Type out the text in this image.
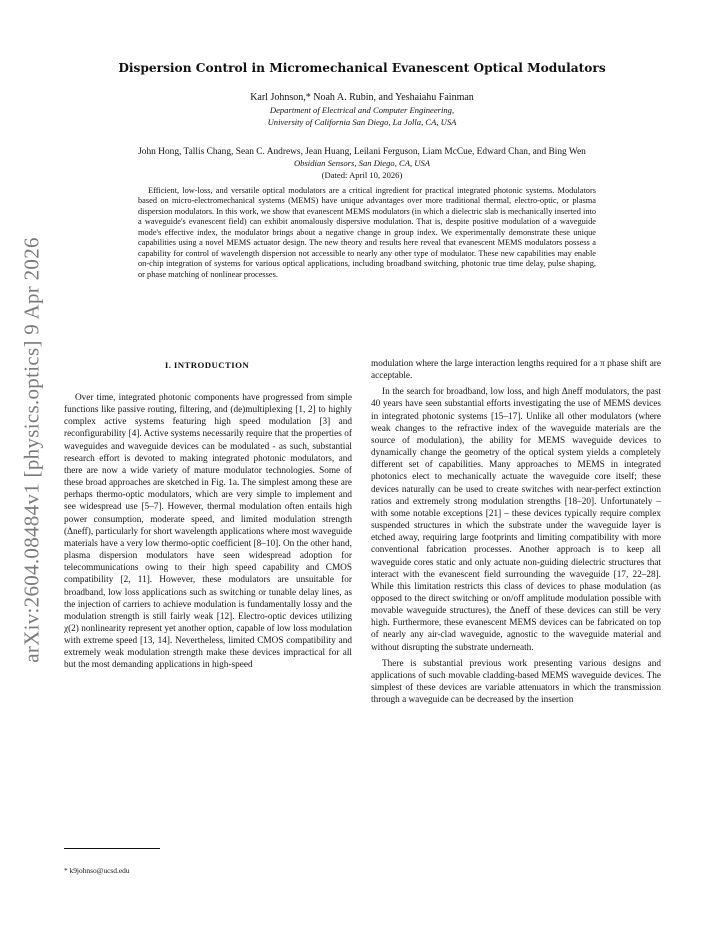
arXiv:2604.08484v1 [physics.optics] 9 Apr 2026
Dispersion Control in Micromechanical Evanescent Optical Modulators
Karl Johnson,* Noah A. Rubin, and Yeshaiahu Fainman
Department of Electrical and Computer Engineering,
University of California San Diego, La Jolla, CA, USA
John Hong, Tallis Chang, Sean C. Andrews, Jean Huang, Leilani Ferguson, Liam McCue, Edward Chan, and Bing Wen
Obsidian Sensors, San Diego, CA, USA
(Dated: April 10, 2026)
Efficient, low-loss, and versatile optical modulators are a critical ingredient for practical integrated photonic systems. Modulators based on micro-electromechanical systems (MEMS) have unique advantages over more traditional thermal, electro-optic, or plasma dispersion modulators. In this work, we show that evanescent MEMS modulators (in which a dielectric slab is mechanically inserted into a waveguide's evanescent field) can exhibit anomalously dispersive modulation. That is, despite positive modulation of a waveguide mode's effective index, the modulator brings about a negative change in group index. We experimentally demonstrate these unique capabilities using a novel MEMS actuator design. The new theory and results here reveal that evanescent MEMS modulators possess a capability for control of wavelength dispersion not accessible to nearly any other type of modulator. These new capabilities may enable on-chip integration of systems for various optical applications, including broadband switching, photonic true time delay, pulse shaping, or phase matching of nonlinear processes.
I. INTRODUCTION

Over time, integrated photonic components have progressed from simple functions like passive routing, filtering, and (de)multiplexing [1, 2] to highly complex active systems featuring high speed modulation [3] and reconfigurability [4]. Active systems necessarily require that the properties of waveguides and waveguide devices can be modulated - as such, substantial research effort is devoted to making integrated photonic modulators, and there are now a wide variety of mature modulator technologies. Some of these broad approaches are sketched in Fig. 1a. The simplest among these are perhaps thermo-optic modulators, which are very simple to implement and see widespread use [5–7]. However, thermal modulation often entails high power consumption, moderate speed, and limited modulation strength (Δneff), particularly for short wavelength applications where most waveguide materials have a very low thermo-optic coefficient [8–10]. On the other hand, plasma dispersion modulators have seen widespread adoption for telecommunications owing to their high speed capability and CMOS compatibility [2, 11]. However, these modulators are unsuitable for broadband, low loss applications such as switching or tunable delay lines, as the injection of carriers to achieve modulation is fundamentally lossy and the modulation strength is still fairly weak [12]. Electro-optic devices utilizing χ(2) nonlinearity represent yet another option, capable of low loss modulation with extreme speed [13, 14]. Nevertheless, limited CMOS compatibility and extremely weak modulation strength make these devices impractical for all but the most demanding applications in high-speed

modulation where the large interaction lengths required for a π phase shift are acceptable.

In the search for broadband, low loss, and high Δneff modulators, the past 40 years have seen substantial efforts investigating the use of MEMS devices in integrated photonic systems [15–17]. Unlike all other modulators (where weak changes to the refractive index of the waveguide materials are the source of modulation), the ability for MEMS waveguide devices to dynamically change the geometry of the optical system yields a completely different set of capabilities. Many approaches to MEMS in integrated photonics elect to mechanically actuate the waveguide core itself; these devices naturally can be used to create switches with near-perfect extinction ratios and extremely strong modulation strengths [18–20]. Unfortunately – with some notable exceptions [21] – these devices typically require complex suspended structures in which the substrate under the waveguide layer is etched away, requiring large footprints and limiting compatibility with more conventional fabrication processes. Another approach is to keep all waveguide cores static and only actuate non-guiding dielectric structures that interact with the evanescent field surrounding the waveguide [17, 22–28]. While this limitation restricts this class of devices to phase modulation (as opposed to the direct switching or on/off amplitude modulation possible with movable waveguide structures), the Δneff of these devices can still be very high. Furthermore, these evanescent MEMS devices can be fabricated on top of nearly any air-clad waveguide, agnostic to the waveguide material and without disrupting the substrate underneath.

There is substantial previous work presenting various designs and applications of such movable cladding-based MEMS waveguide devices. The simplest of these devices are variable attenuators in which the transmission through a waveguide can be decreased by the insertion

* k9johnso@ucsd.edu
